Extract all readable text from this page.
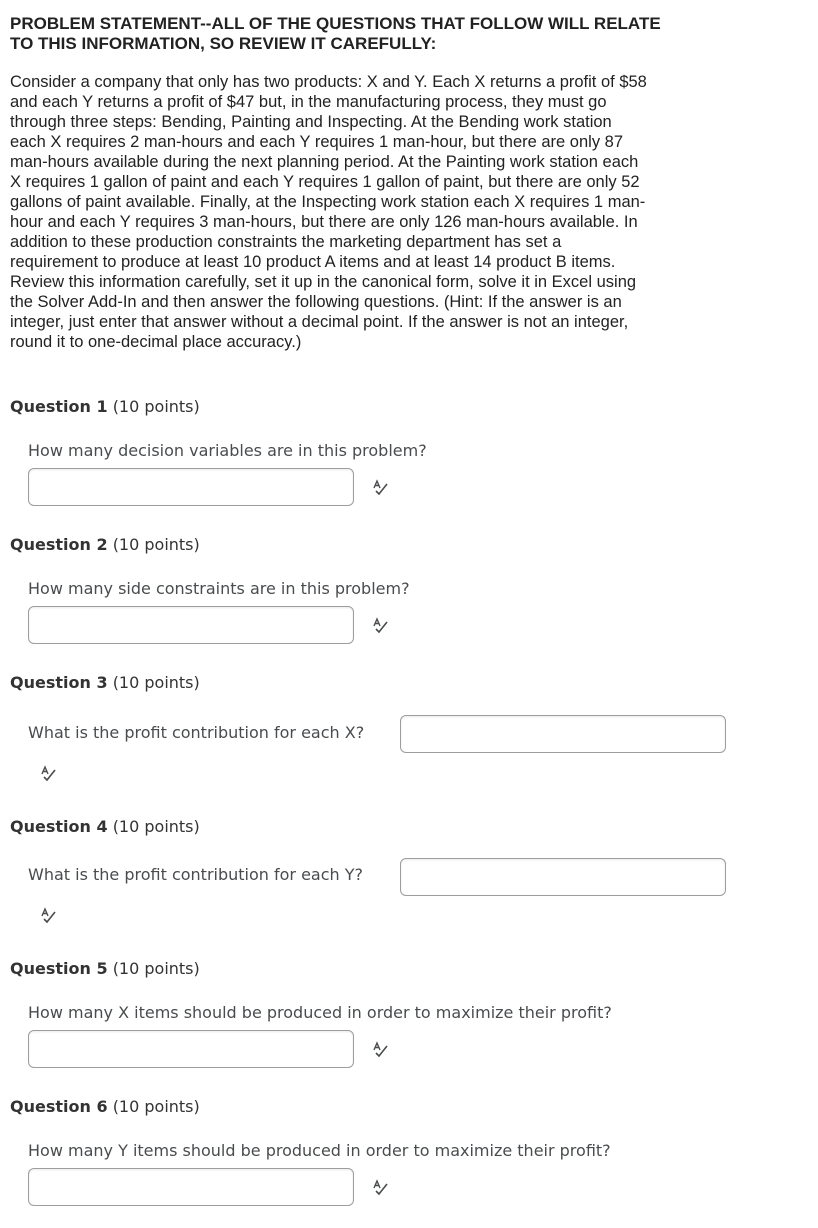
PROBLEM STATEMENT--ALL OF THE QUESTIONS THAT FOLLOW WILL RELATE
TO THIS INFORMATION, SO REVIEW IT CAREFULLY:
Consider a company that only has two products: X and Y. Each X returns a profit of $58
and each Y returns a profit of $47 but, in the manufacturing process, they must go
through three steps: Bending, Painting and Inspecting. At the Bending work station
each X requires 2 man-hours and each Y requires 1 man-hour, but there are only 87
man-hours available during the next planning period. At the Painting work station each
X requires 1 gallon of paint and each Y requires 1 gallon of paint, but there are only 52
gallons of paint available. Finally, at the Inspecting work station each X requires 1 man-
hour and each Y requires 3 man-hours, but there are only 126 man-hours available. In
addition to these production constraints the marketing department has set a
requirement to produce at least 10 product A items and at least 14 product B items.
Review this information carefully, set it up in the canonical form, solve it in Excel using
the Solver Add-In and then answer the following questions. (Hint: If the answer is an
integer, just enter that answer without a decimal point. If the answer is not an integer,
round it to one-decimal place accuracy.)
Question 1 (10 points)
How many decision variables are in this problem?
Question 2 (10 points)
How many side constraints are in this problem?
Question 3 (10 points)
What is the profit contribution for each X?
Question 4 (10 points)
What is the profit contribution for each Y?
Question 5 (10 points)
How many X items should be produced in order to maximize their profit?
Question 6 (10 points)
How many Y items should be produced in order to maximize their profit?
